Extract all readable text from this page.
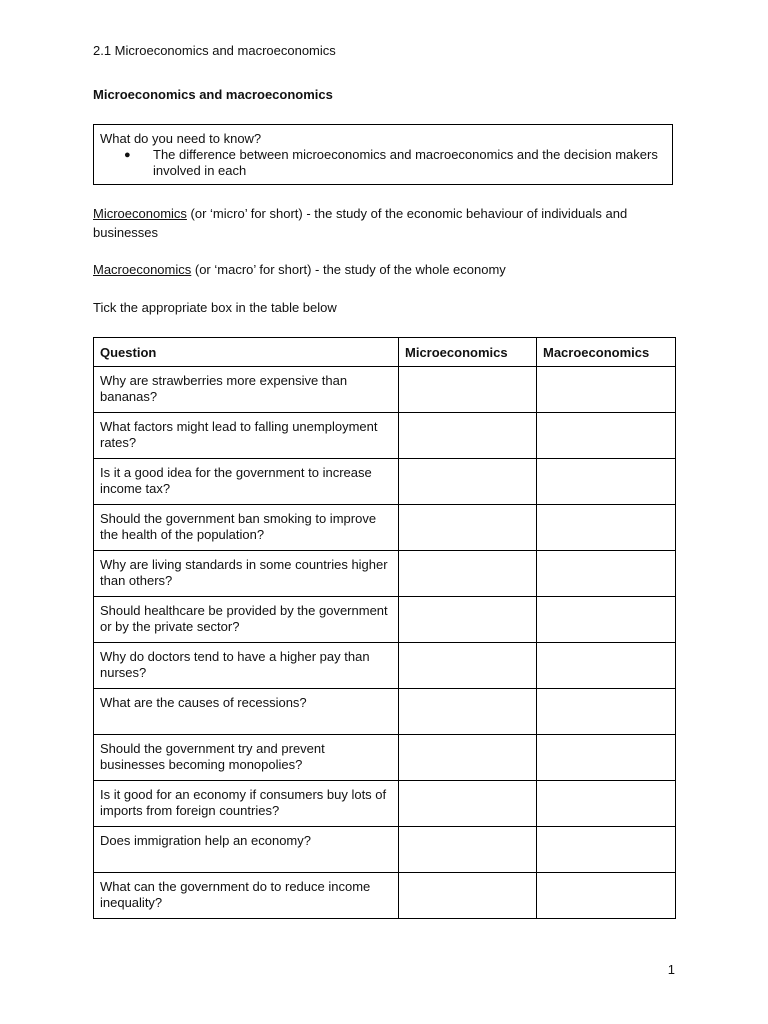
2.1 Microeconomics and macroeconomics
Microeconomics and macroeconomics
What do you need to know?
●	The difference between microeconomics and macroeconomics and the decision makers involved in each
Microeconomics (or ‘micro’ for short) - the study of the economic behaviour of individuals and businesses
Macroeconomics (or ‘macro’ for short) - the study of the whole economy
Tick the appropriate box in the table below
Question	Microeconomics	Macroeconomics
Why are strawberries more expensive than bananas?		
What factors might lead to falling unemployment rates?		
Is it a good idea for the government to increase income tax?		
Should the government ban smoking to improve the health of the population?		
Why are living standards in some countries higher than others?		
Should healthcare be provided by the government or by the private sector?		
Why do doctors tend to have a higher pay than nurses?		
What are the causes of recessions?		
Should the government try and prevent businesses becoming monopolies?		
Is it good for an economy if consumers buy lots of imports from foreign countries?		
Does immigration help an economy?		
What can the government do to reduce income inequality?		
1
